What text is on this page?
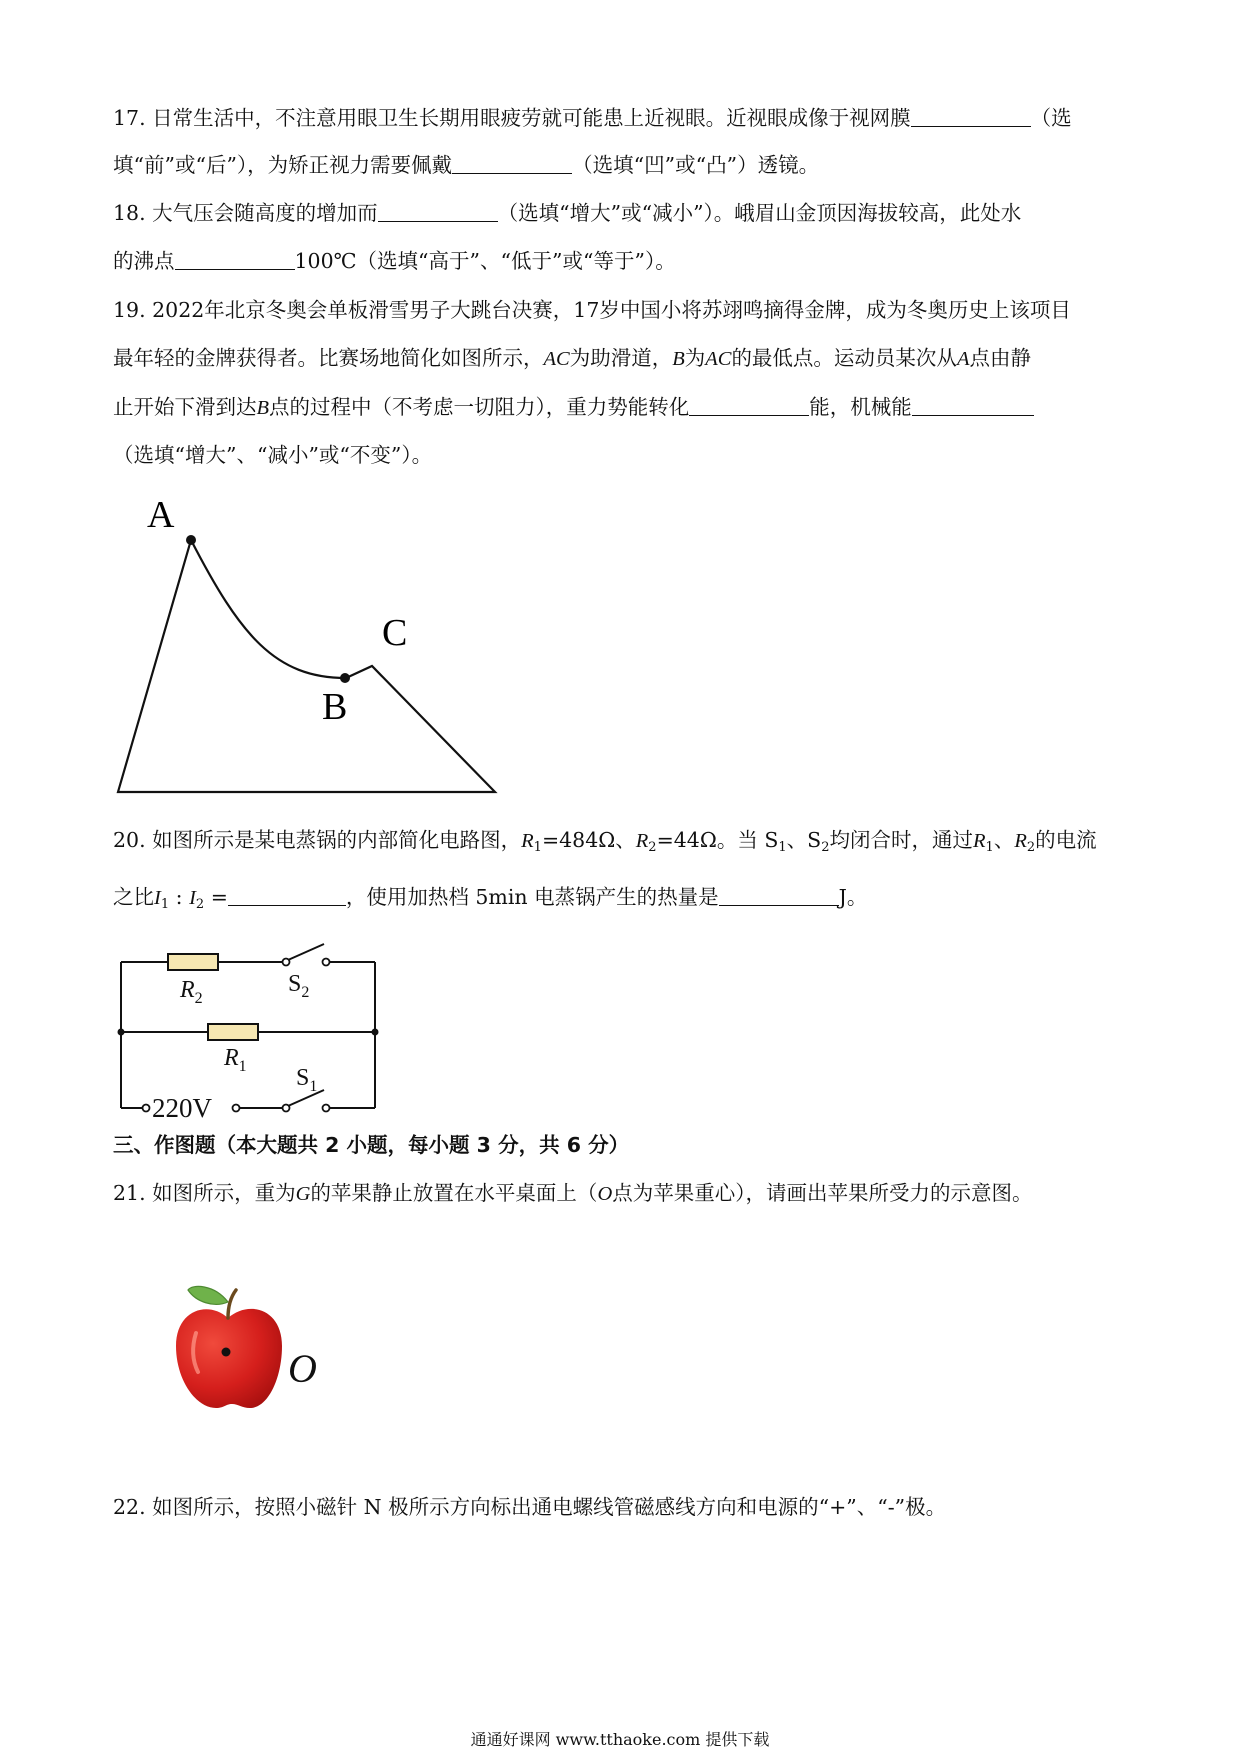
17. 日常生活中，不注意用眼卫生长期用眼疲劳就可能患上近视眼。近视眼成像于视网膜	（选
填“前”或“后”），为矫正视力需要佩戴	（选填“凹”或“凸”）透镜。
18. 大气压会随高度的增加而	（选填“增大”或“减小”）。峨眉山金顶因海拔较高，此处水
的沸点	100℃（选填“高于”、“低于”或“等于”）。
19. 2022年北京冬奥会单板滑雪男子大跳台决赛，17岁中国小将苏翊鸣摘得金牌，成为冬奥历史上该项目
最年轻的金牌获得者。比赛场地简化如图所示，AC为助滑道，B为AC的最低点。运动员某次从A点由静
止开始下滑到达B点的过程中（不考虑一切阻力），重力势能转化	能，机械能
（选填“增大”、“减小”或“不变”）。
A
B
C
20. 如图所示是某电蒸锅的内部简化电路图，$R_1=484\Omega$、$R_2=44\Omega$。当 $S_1$、$S_2$均闭合时，通过$R_1$、$R_2$的电流
之比$I_1$ : $I_2$ =	，使用加热档 5min 电蒸锅产生的热量是	J。
$R_2$
$S_2$
$R_1$ $S_1$
220V
三、作图题（本大题共 2 小题，每小题 3 分，共 6 分）
21. 如图所示，重为G的苹果静止放置在水平桌面上（O点为苹果重心），请画出苹果所受力的示意图。
O
22. 如图所示，按照小磁针 N 极所示方向标出通电螺线管磁感线方向和电源的“+”、“-”极。
通通好课网 www.tthaoke.com 提供下载
